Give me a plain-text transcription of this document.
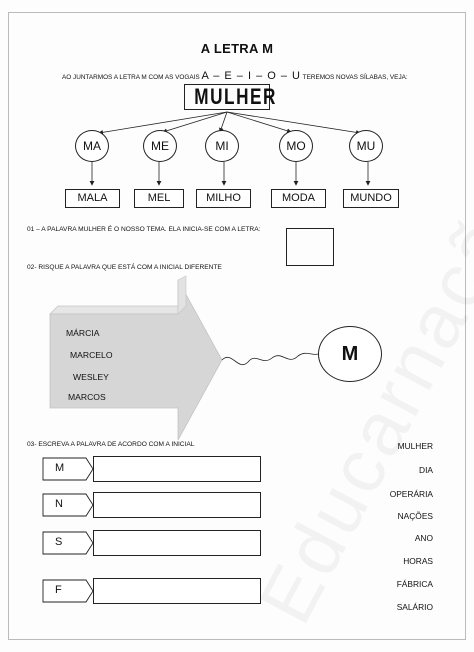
A LETRA M
AO JUNTARMOS A LETRA M COM AS VOGAIS A – E – I – O – U TEREMOS NOVAS SÍLABAS, VEJA:
MULHER
MA	ME	MI	MO	MU
MALA	MEL	MILHO	MODA	MUNDO
01 – A PALAVRA MULHER É O NOSSO TEMA. ELA INICIA-SE COM A LETRA:
02- RISQUE A PALAVRA QUE ESTÁ COM A INICIAL DIFERENTE
MÁRCIA
MARCELO
WESLEY
MARCOS
M
03- ESCREVA A PALAVRA DE ACORDO COM A INICIAL
M
N
S
F
MULHER
DIA
OPERÁRIA
NAÇÕES
ANO
HORAS
FÁBRICA
SALÁRIO
